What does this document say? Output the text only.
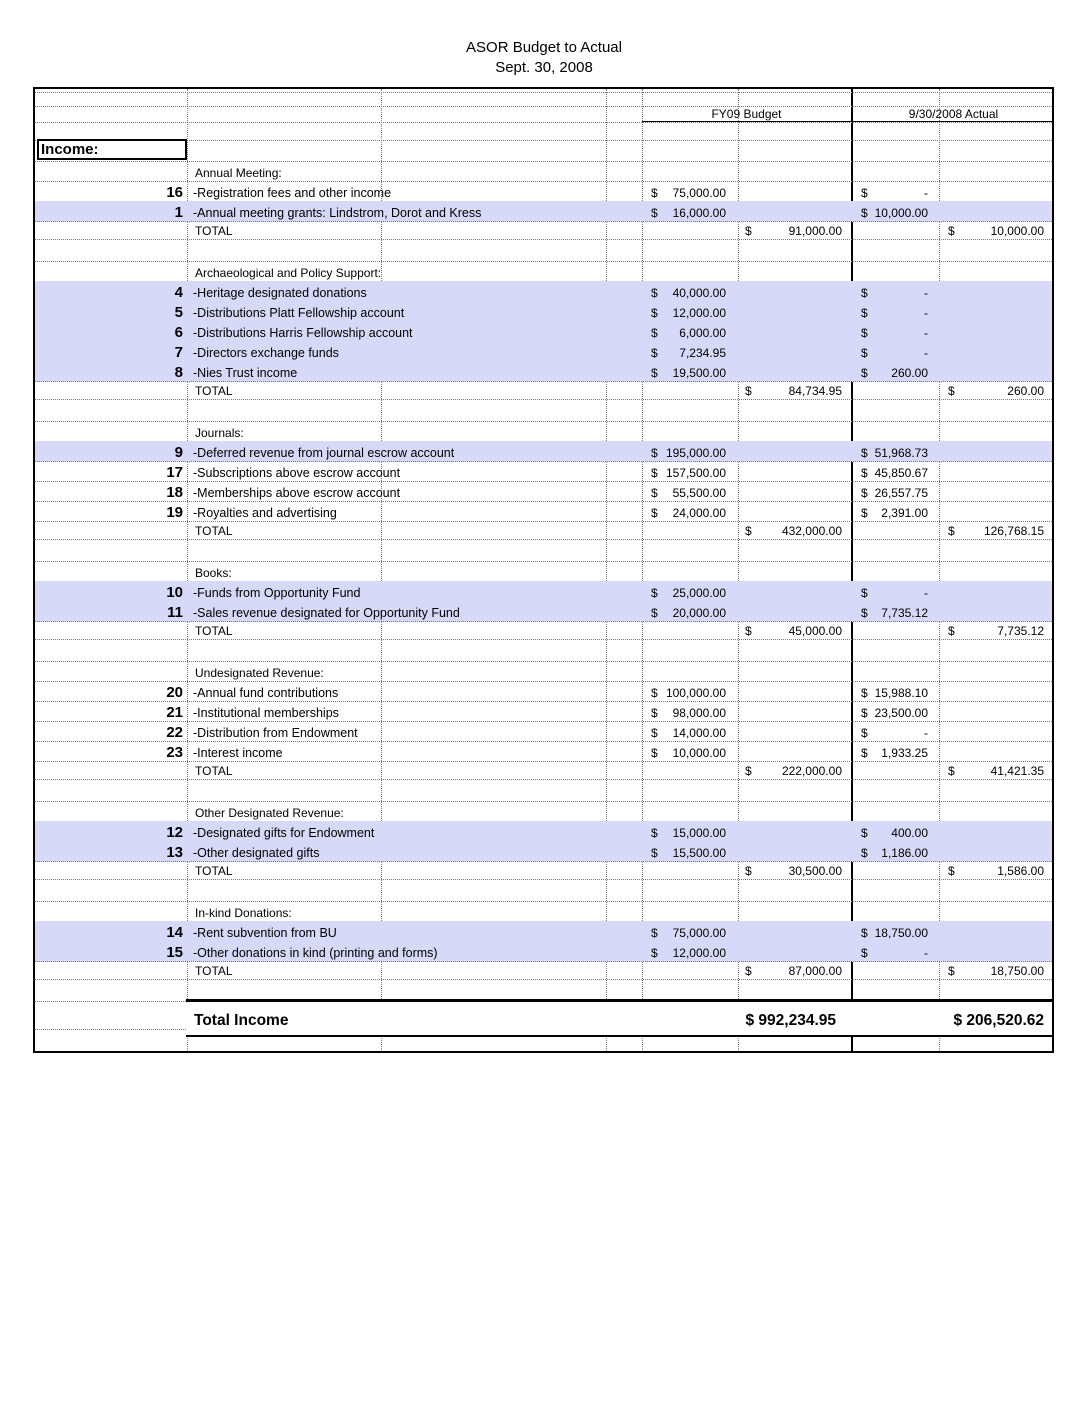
ASOR Budget to Actual
Sept. 30, 2008
Annual Meeting:
16 -Registration fees and other income	$ 75,000.00	$	-
1 -Annual meeting grants: Lindstrom, Dorot and Kress	$ 16,000.00	$ 10,000.00
TOTAL	$	91,000.00	$	10,000.00
Archaeological and Policy Support:
4 -Heritage designated donations	$ 40,000.00	$	-
5 -Distributions Platt Fellowship account	$ 12,000.00	$	-
6 -Distributions Harris Fellowship account	$ 6,000.00	$	-
7 -Directors exchange funds	$ 7,234.95	$	-
8 -Nies Trust income	$ 19,500.00	$ 260.00
TOTAL	$	84,734.95	$	260.00
Journals:
9 -Deferred revenue from journal escrow account	$ 195,000.00	$ 51,968.73
17 -Subscriptions above escrow account	$ 157,500.00	$ 45,850.67
18 -Memberships above escrow account	$ 55,500.00	$ 26,557.75
19 -Royalties and advertising	$ 24,000.00	$ 2,391.00
TOTAL	$	432,000.00	$ 126,768.15
Books:
10 -Funds from Opportunity Fund	$ 25,000.00	$	-
11 -Sales revenue designated for Opportunity Fund	$ 20,000.00	$ 7,735.12
TOTAL	$	45,000.00	$	7,735.12
Undesignated Revenue:
20 -Annual fund contributions	$ 100,000.00	$ 15,988.10
21 -Institutional memberships	$ 98,000.00	$ 23,500.00
22 -Distribution from Endowment	$ 14,000.00	$	-
23 -Interest income	$ 10,000.00	$ 1,933.25
TOTAL	$	222,000.00	$	41,421.35
Other Designated Revenue:
12 -Designated gifts for Endowment	$ 15,000.00	$ 400.00
13 -Other designated gifts	$ 15,500.00	$ 1,186.00
TOTAL	$	30,500.00	$	1,586.00
In-kind Donations:
14 -Rent subvention from BU	$ 75,000.00	$ 18,750.00
15 -Other donations in kind (printing and forms)	$ 12,000.00	$	-
TOTAL	$	87,000.00	$	18,750.00
FY09 Budget	9/30/2008 Actual
Income:
Total Income	$ 992,234.95	$ 206,520.62
